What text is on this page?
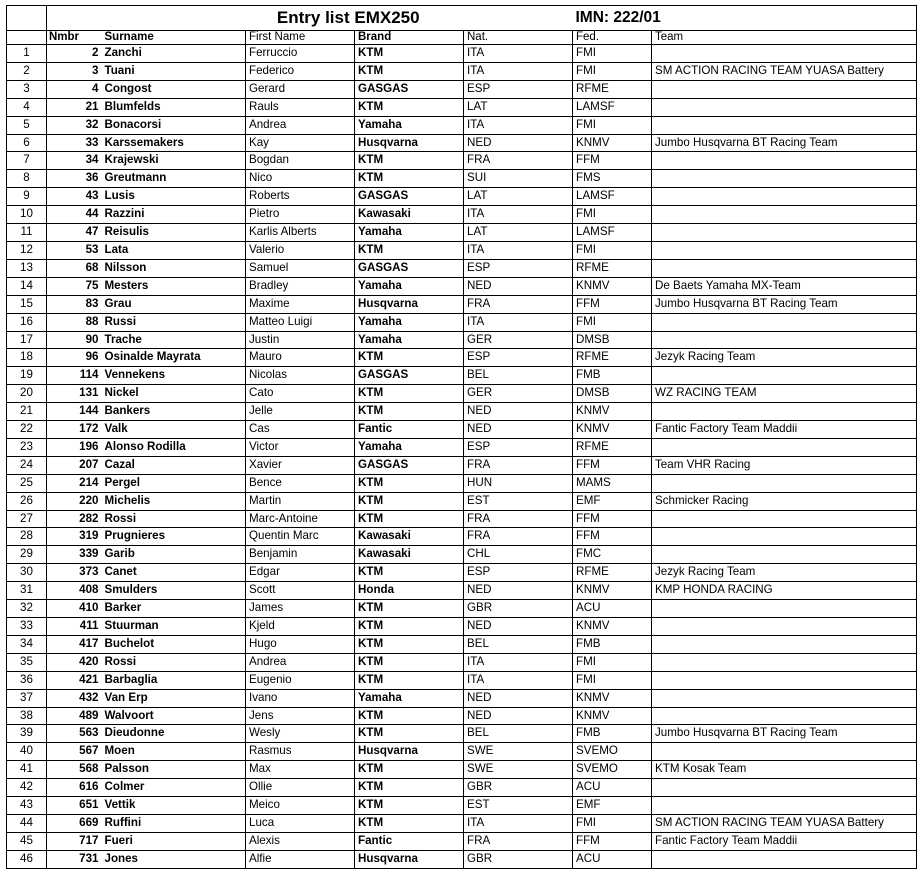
	Entry list EMX250					IMN: 222/01	
	Nmbr	Surname	First Name	Brand	Nat.	Fed.	Team
1	2	Zanchi	Ferruccio	KTM	ITA	FMI	
2	3	Tuani	Federico	KTM	ITA	FMI	SM ACTION RACING TEAM YUASA Battery
3	4	Congost	Gerard	GASGAS	ESP	RFME	
4	21	Blumfelds	Rauls	KTM	LAT	LAMSF	
5	32	Bonacorsi	Andrea	Yamaha	ITA	FMI	
6	33	Karssemakers	Kay	Husqvarna	NED	KNMV	Jumbo Husqvarna BT Racing Team
7	34	Krajewski	Bogdan	KTM	FRA	FFM	
8	36	Greutmann	Nico	KTM	SUI	FMS	
9	43	Lusis	Roberts	GASGAS	LAT	LAMSF	
10	44	Razzini	Pietro	Kawasaki	ITA	FMI	
11	47	Reisulis	Karlis Alberts	Yamaha	LAT	LAMSF	
12	53	Lata	Valerio	KTM	ITA	FMI	
13	68	Nilsson	Samuel	GASGAS	ESP	RFME	
14	75	Mesters	Bradley	Yamaha	NED	KNMV	De Baets Yamaha MX-Team
15	83	Grau	Maxime	Husqvarna	FRA	FFM	Jumbo Husqvarna BT Racing Team
16	88	Russi	Matteo Luigi	Yamaha	ITA	FMI	
17	90	Trache	Justin	Yamaha	GER	DMSB	
18	96	Osinalde Mayrata	Mauro	KTM	ESP	RFME	Jezyk Racing Team
19	114	Vennekens	Nicolas	GASGAS	BEL	FMB	
20	131	Nickel	Cato	KTM	GER	DMSB	WZ RACING TEAM
21	144	Bankers	Jelle	KTM	NED	KNMV	
22	172	Valk	Cas	Fantic	NED	KNMV	Fantic Factory Team Maddii
23	196	Alonso Rodilla	Victor	Yamaha	ESP	RFME	
24	207	Cazal	Xavier	GASGAS	FRA	FFM	Team VHR Racing
25	214	Pergel	Bence	KTM	HUN	MAMS	
26	220	Michelis	Martin	KTM	EST	EMF	Schmicker Racing
27	282	Rossi	Marc-Antoine	KTM	FRA	FFM	
28	319	Prugnieres	Quentin Marc	Kawasaki	FRA	FFM	
29	339	Garib	Benjamin	Kawasaki	CHL	FMC	
30	373	Canet	Edgar	KTM	ESP	RFME	Jezyk Racing Team
31	408	Smulders	Scott	Honda	NED	KNMV	KMP HONDA RACING
32	410	Barker	James	KTM	GBR	ACU	
33	411	Stuurman	Kjeld	KTM	NED	KNMV	
34	417	Buchelot	Hugo	KTM	BEL	FMB	
35	420	Rossi	Andrea	KTM	ITA	FMI	
36	421	Barbaglia	Eugenio	KTM	ITA	FMI	
37	432	Van Erp	Ivano	Yamaha	NED	KNMV	
38	489	Walvoort	Jens	KTM	NED	KNMV	
39	563	Dieudonne	Wesly	KTM	BEL	FMB	Jumbo Husqvarna BT Racing Team
40	567	Moen	Rasmus	Husqvarna	SWE	SVEMO	
41	568	Palsson	Max	KTM	SWE	SVEMO	KTM Kosak Team
42	616	Colmer	Ollie	KTM	GBR	ACU	
43	651	Vettik	Meico	KTM	EST	EMF	
44	669	Ruffini	Luca	KTM	ITA	FMI	SM ACTION RACING TEAM YUASA Battery
45	717	Fueri	Alexis	Fantic	FRA	FFM	Fantic Factory Team Maddii
46	731	Jones	Alfie	Husqvarna	GBR	ACU	
